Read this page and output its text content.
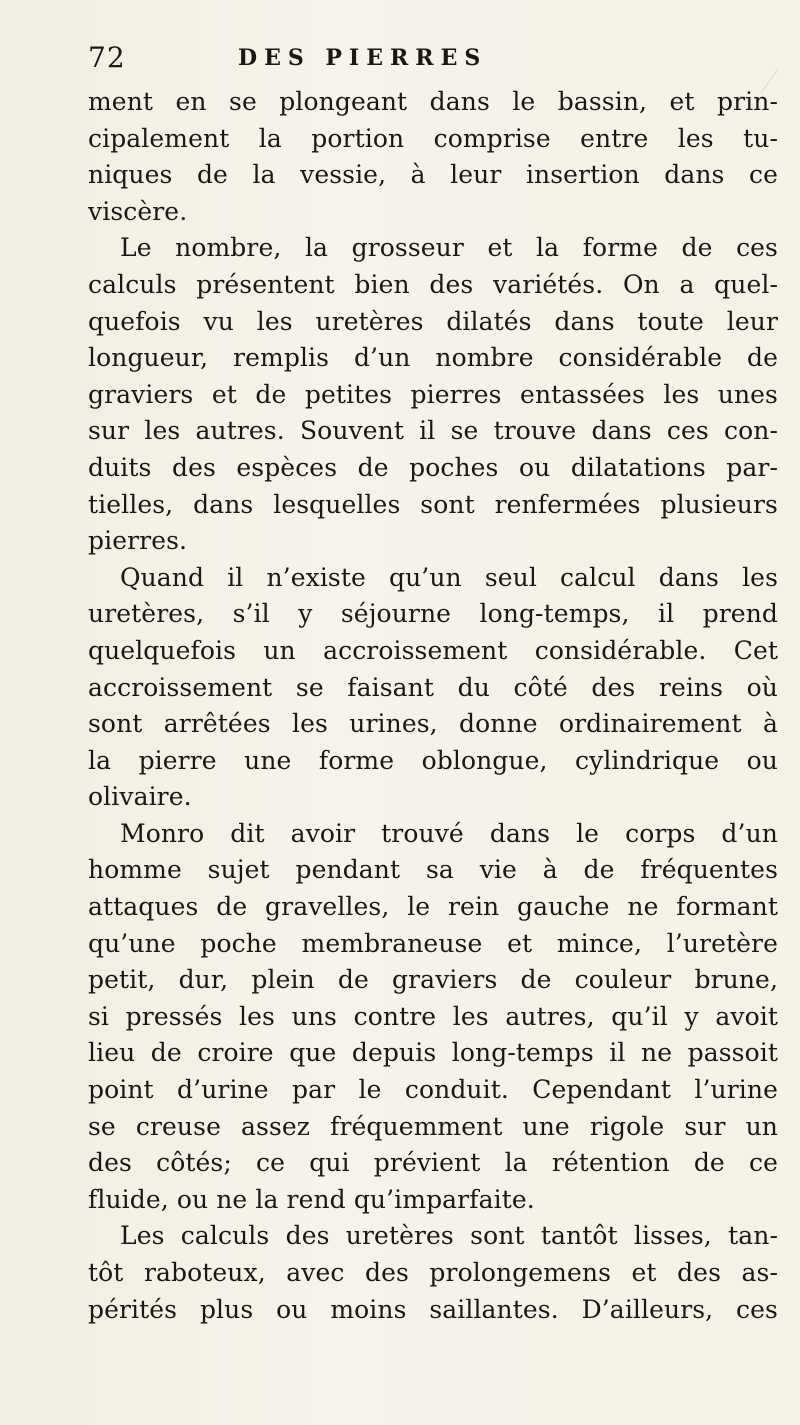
72	DES PIERRES
ment en se plongeant dans le bassin, et prin-
cipalement la portion comprise entre les tu-
niques de la vessie, à leur insertion dans ce
viscère.
Le nombre, la grosseur et la forme de ces
calculs présentent bien des variétés. On a quel-
quefois vu les uretères dilatés dans toute leur
longueur, remplis d’un nombre considérable de
graviers et de petites pierres entassées les unes
sur les autres. Souvent il se trouve dans ces con-
duits des espèces de poches ou dilatations par-
tielles, dans lesquelles sont renfermées plusieurs
pierres.
Quand il n’existe qu’un seul calcul dans les
uretères, s’il y séjourne long-temps, il prend
quelquefois un accroissement considérable. Cet
accroissement se faisant du côté des reins où
sont arrêtées les urines, donne ordinairement à
la pierre une forme oblongue, cylindrique ou
olivaire.
Monro dit avoir trouvé dans le corps d’un
homme sujet pendant sa vie à de fréquentes
attaques de gravelles, le rein gauche ne formant
qu’une poche membraneuse et mince, l’uretère
petit, dur, plein de graviers de couleur brune,
si pressés les uns contre les autres, qu’il y avoit
lieu de croire que depuis long-temps il ne passoit
point d’urine par le conduit. Cependant l’urine
se creuse assez fréquemment une rigole sur un
des côtés; ce qui prévient la rétention de ce
fluide, ou ne la rend qu’imparfaite.
Les calculs des uretères sont tantôt lisses, tan-
tôt raboteux, avec des prolongemens et des as-
pérités plus ou moins saillantes. D’ailleurs, ces
